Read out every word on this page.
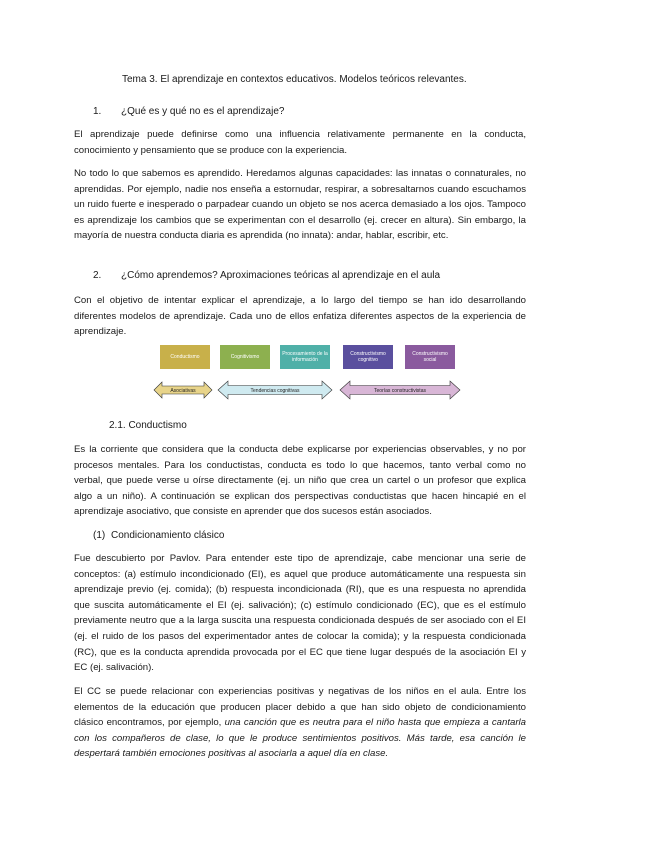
Tema 3. El aprendizaje en contextos educativos. Modelos teóricos relevantes.

1. ¿Qué es y qué no es el aprendizaje?

El aprendizaje puede definirse como una influencia relativamente permanente en la conducta, conocimiento y pensamiento que se produce con la experiencia.

No todo lo que sabemos es aprendido. Heredamos algunas capacidades: las innatas o connaturales, no aprendidas. Por ejemplo, nadie nos enseña a estornudar, respirar, a sobresaltarnos cuando escuchamos un ruido fuerte e inesperado o parpadear cuando un objeto se nos acerca demasiado a los ojos. Tampoco es aprendizaje los cambios que se experimentan con el desarrollo (ej. crecer en altura). Sin embargo, la mayoría de nuestra conducta diaria es aprendida (no innata): andar, hablar, escribir, etc.

2. ¿Cómo aprendemos? Aproximaciones teóricas al aprendizaje en el aula

Con el objetivo de intentar explicar el aprendizaje, a lo largo del tiempo se han ido desarrollando diferentes modelos de aprendizaje. Cada uno de ellos enfatiza diferentes aspectos de la experiencia de aprendizaje.

Conductismo	Cognitivismo	Procesamiento de la información
Constructivismo cognitivo
Constructivismo social
Asociativas	Tendencias cognitivas	Teorías constructivistas

2.1. Conductismo

Es la corriente que considera que la conducta debe explicarse por experiencias observables, y no por procesos mentales. Para los conductistas, conducta es todo lo que hacemos, tanto verbal como no verbal, que puede verse u oírse directamente (ej. un niño que crea un cartel o un profesor que explica algo a un niño). A continuación se explican dos perspectivas conductistas que hacen hincapié en el aprendizaje asociativo, que consiste en aprender que dos sucesos están asociados.

(1) Condicionamiento clásico

Fue descubierto por Pavlov. Para entender este tipo de aprendizaje, cabe mencionar una serie de conceptos: (a) estímulo incondicionado (EI), es aquel que produce automáticamente una respuesta sin aprendizaje previo (ej. comida); (b) respuesta incondicionada (RI), que es una respuesta no aprendida que suscita automáticamente el EI (ej. salivación); (c) estímulo condicionado (EC), que es el estímulo previamente neutro que a la larga suscita una respuesta condicionada después de ser asociado con el EI (ej. el ruido de los pasos del experimentador antes de colocar la comida); y la respuesta condicionada (RC), que es la conducta aprendida provocada por el EC que tiene lugar después de la asociación EI y EC (ej. salivación).

El CC se puede relacionar con experiencias positivas y negativas de los niños en el aula. Entre los elementos de la educación que producen placer debido a que han sido objeto de condicionamiento clásico encontramos, por ejemplo, una canción que es neutra para el niño hasta que empieza a cantarla con los compañeros de clase, lo que le produce sentimientos positivos. Más tarde, esa canción le despertará también emociones positivas al asociarla a aquel día en clase.
